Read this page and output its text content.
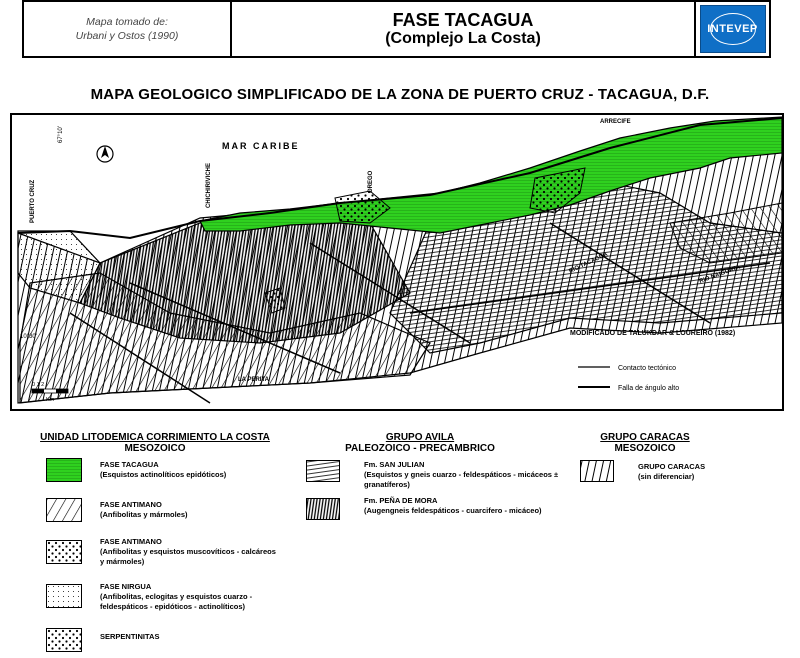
Mapa tomado de:
Urbani y Ostos (1990)
FASE TACAGUA
(Complejo La Costa)
INTEVEP
MAPA GEOLOGICO SIMPLIFICADO DE LA ZONA DE PUERTO CRUZ - TACAGUA, D.F.
MAR CARIBE
PUERTO CRUZ	CHICHIRIVICHE	OREGO
LA PERITA
RIO TACAGUA	RIO NAIGUATA
ARRECIFE
67°10'
10°30'
0 1 2
Km
MODIFICADO DE TALUKDAR & LOUREIRO (1982)
Contacto tectónico
Falla de ángulo alto
UNIDAD LITODEMICA CORRIMIENTO LA COSTA
MESOZOICO
GRUPO AVILA
PALEOZOICO - PRECAMBRICO
GRUPO CARACAS
MESOZOICO
FASE TACAGUA
(Esquistos actinolíticos epidóticos)
FASE ANTIMANO
(Anfibolitas y mármoles)
FASE ANTIMANO
(Anfibolitas y esquistos muscovíticos - calcáreos y mármoles)
FASE NIRGUA
(Anfibolitas, eclogitas y esquistos cuarzo - feldespáticos - epidóticos - actinolíticos)
SERPENTINITAS
Fm. SAN JULIAN
(Esquistos y gneis cuarzo - feldespáticos - micáceos ± granatíferos)
Fm. PEÑA DE MORA
(Augengneis feldespáticos - cuarcifero - micáceo)
GRUPO CARACAS
(sin diferenciar)
